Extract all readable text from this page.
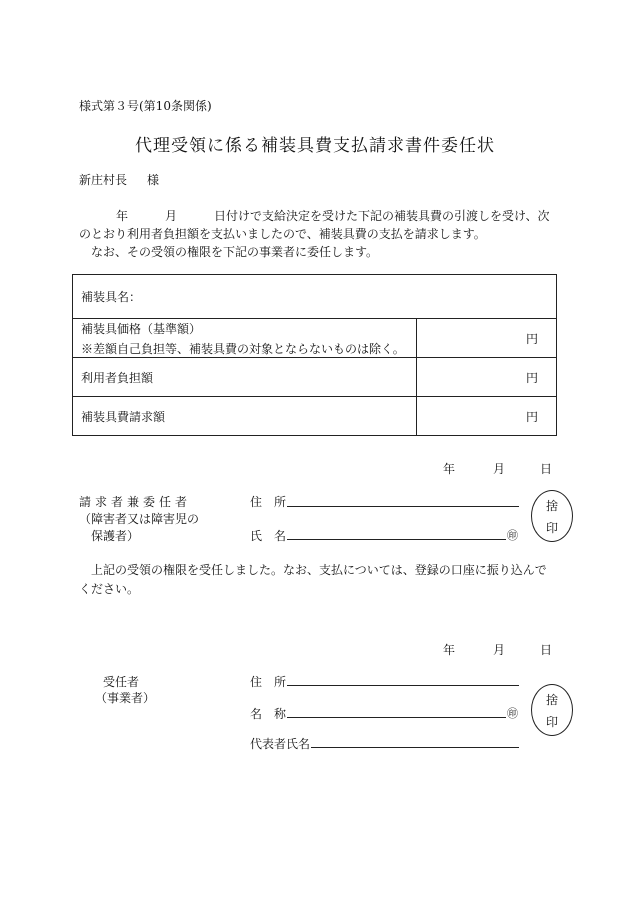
様式第３号(第10条関係)
代理受領に係る補装具費支払請求書件委任状
新庄村長 様
年	月	日付けで支給決定を受けた下記の補装具費の引渡しを受け、次
のとおり利用者負担額を支払いましたので、補装具費の支払を請求します。
なお、その受領の権限を下記の事業者に委任します。
補装具名：	
補装具価格（基準額）
※差額自己負担等、補装具費の対象とならないものは除く。	円
利用者負担額	円
補装具費請求額	円
年	月	日
請求者兼委任者
（障害者又は障害児の
保護者）
住　所
氏　名	㊞
捨
印
上記の受領の権限を受任しました。なお、支払については、登録の口座に振り込んで
ください。
年	月	日
受任者
（事業者）
住　所
名　称	㊞
代表者氏名
捨
印
